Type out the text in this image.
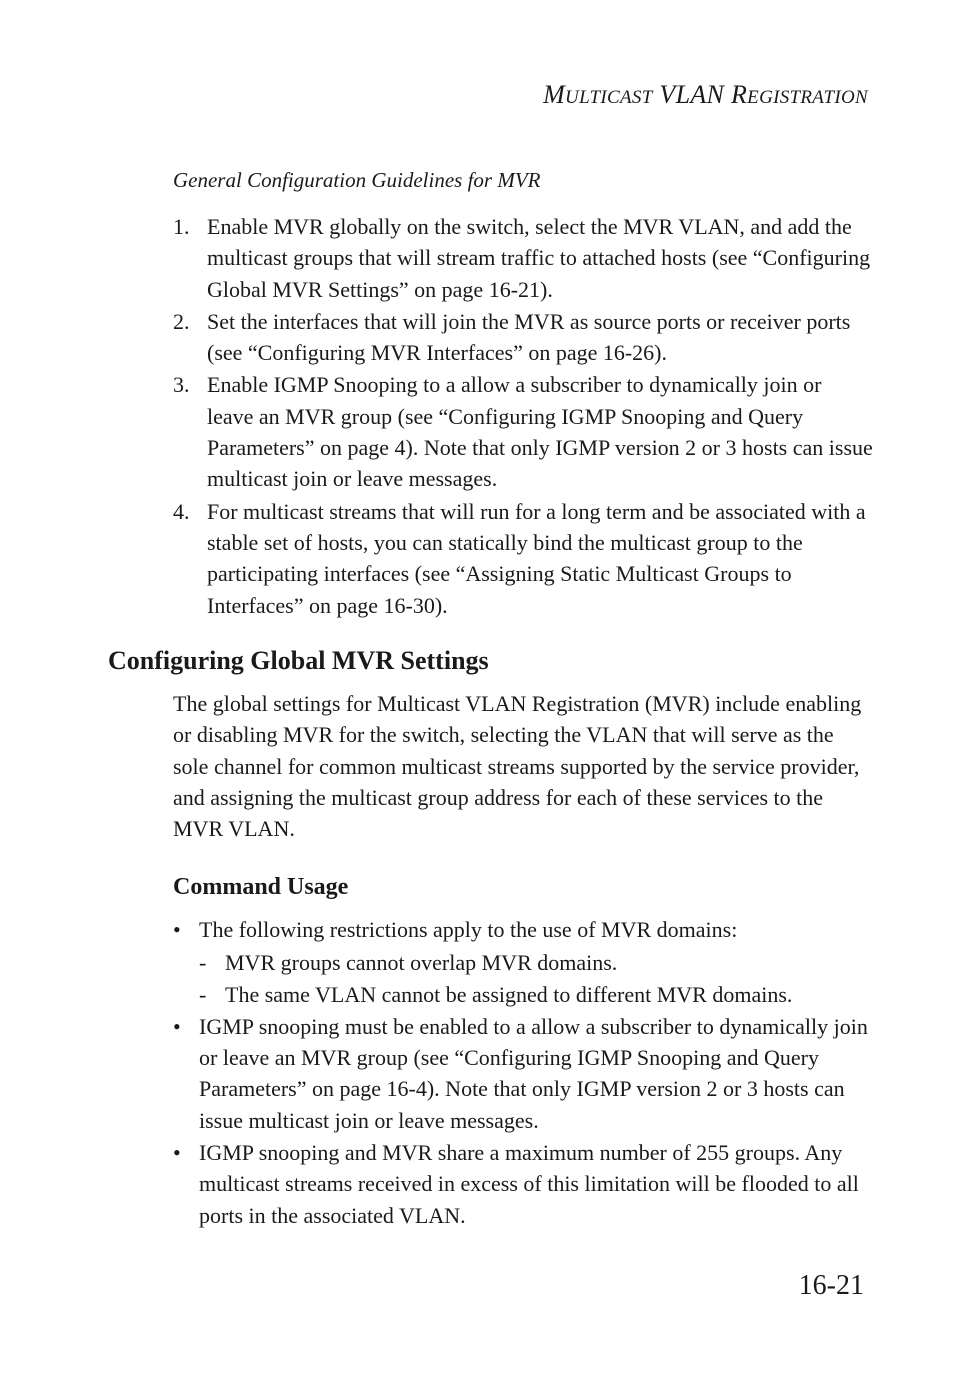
MULTICAST VLAN REGISTRATION
General Configuration Guidelines for MVR
1. Enable MVR globally on the switch, select the MVR VLAN, and add the multicast groups that will stream traffic to attached hosts (see “Configuring Global MVR Settings” on page 16-21).
2. Set the interfaces that will join the MVR as source ports or receiver ports (see “Configuring MVR Interfaces” on page 16-26).
3. Enable IGMP Snooping to a allow a subscriber to dynamically join or leave an MVR group (see “Configuring IGMP Snooping and Query Parameters” on page 4). Note that only IGMP version 2 or 3 hosts can issue multicast join or leave messages.
4. For multicast streams that will run for a long term and be associated with a stable set of hosts, you can statically bind the multicast group to the participating interfaces (see “Assigning Static Multicast Groups to Interfaces” on page 16-30).
Configuring Global MVR Settings

The global settings for Multicast VLAN Registration (MVR) include enabling or disabling MVR for the switch, selecting the VLAN that will serve as the sole channel for common multicast streams supported by the service provider, and assigning the multicast group address for each of these services to the MVR VLAN.

Command Usage
• The following restrictions apply to the use of MVR domains:
- MVR groups cannot overlap MVR domains.
- The same VLAN cannot be assigned to different MVR domains.
• IGMP snooping must be enabled to a allow a subscriber to dynamically join or leave an MVR group (see “Configuring IGMP Snooping and Query Parameters” on page 16-4). Note that only IGMP version 2 or 3 hosts can issue multicast join or leave messages.
• IGMP snooping and MVR share a maximum number of 255 groups. Any multicast streams received in excess of this limitation will be flooded to all ports in the associated VLAN.
16-21
